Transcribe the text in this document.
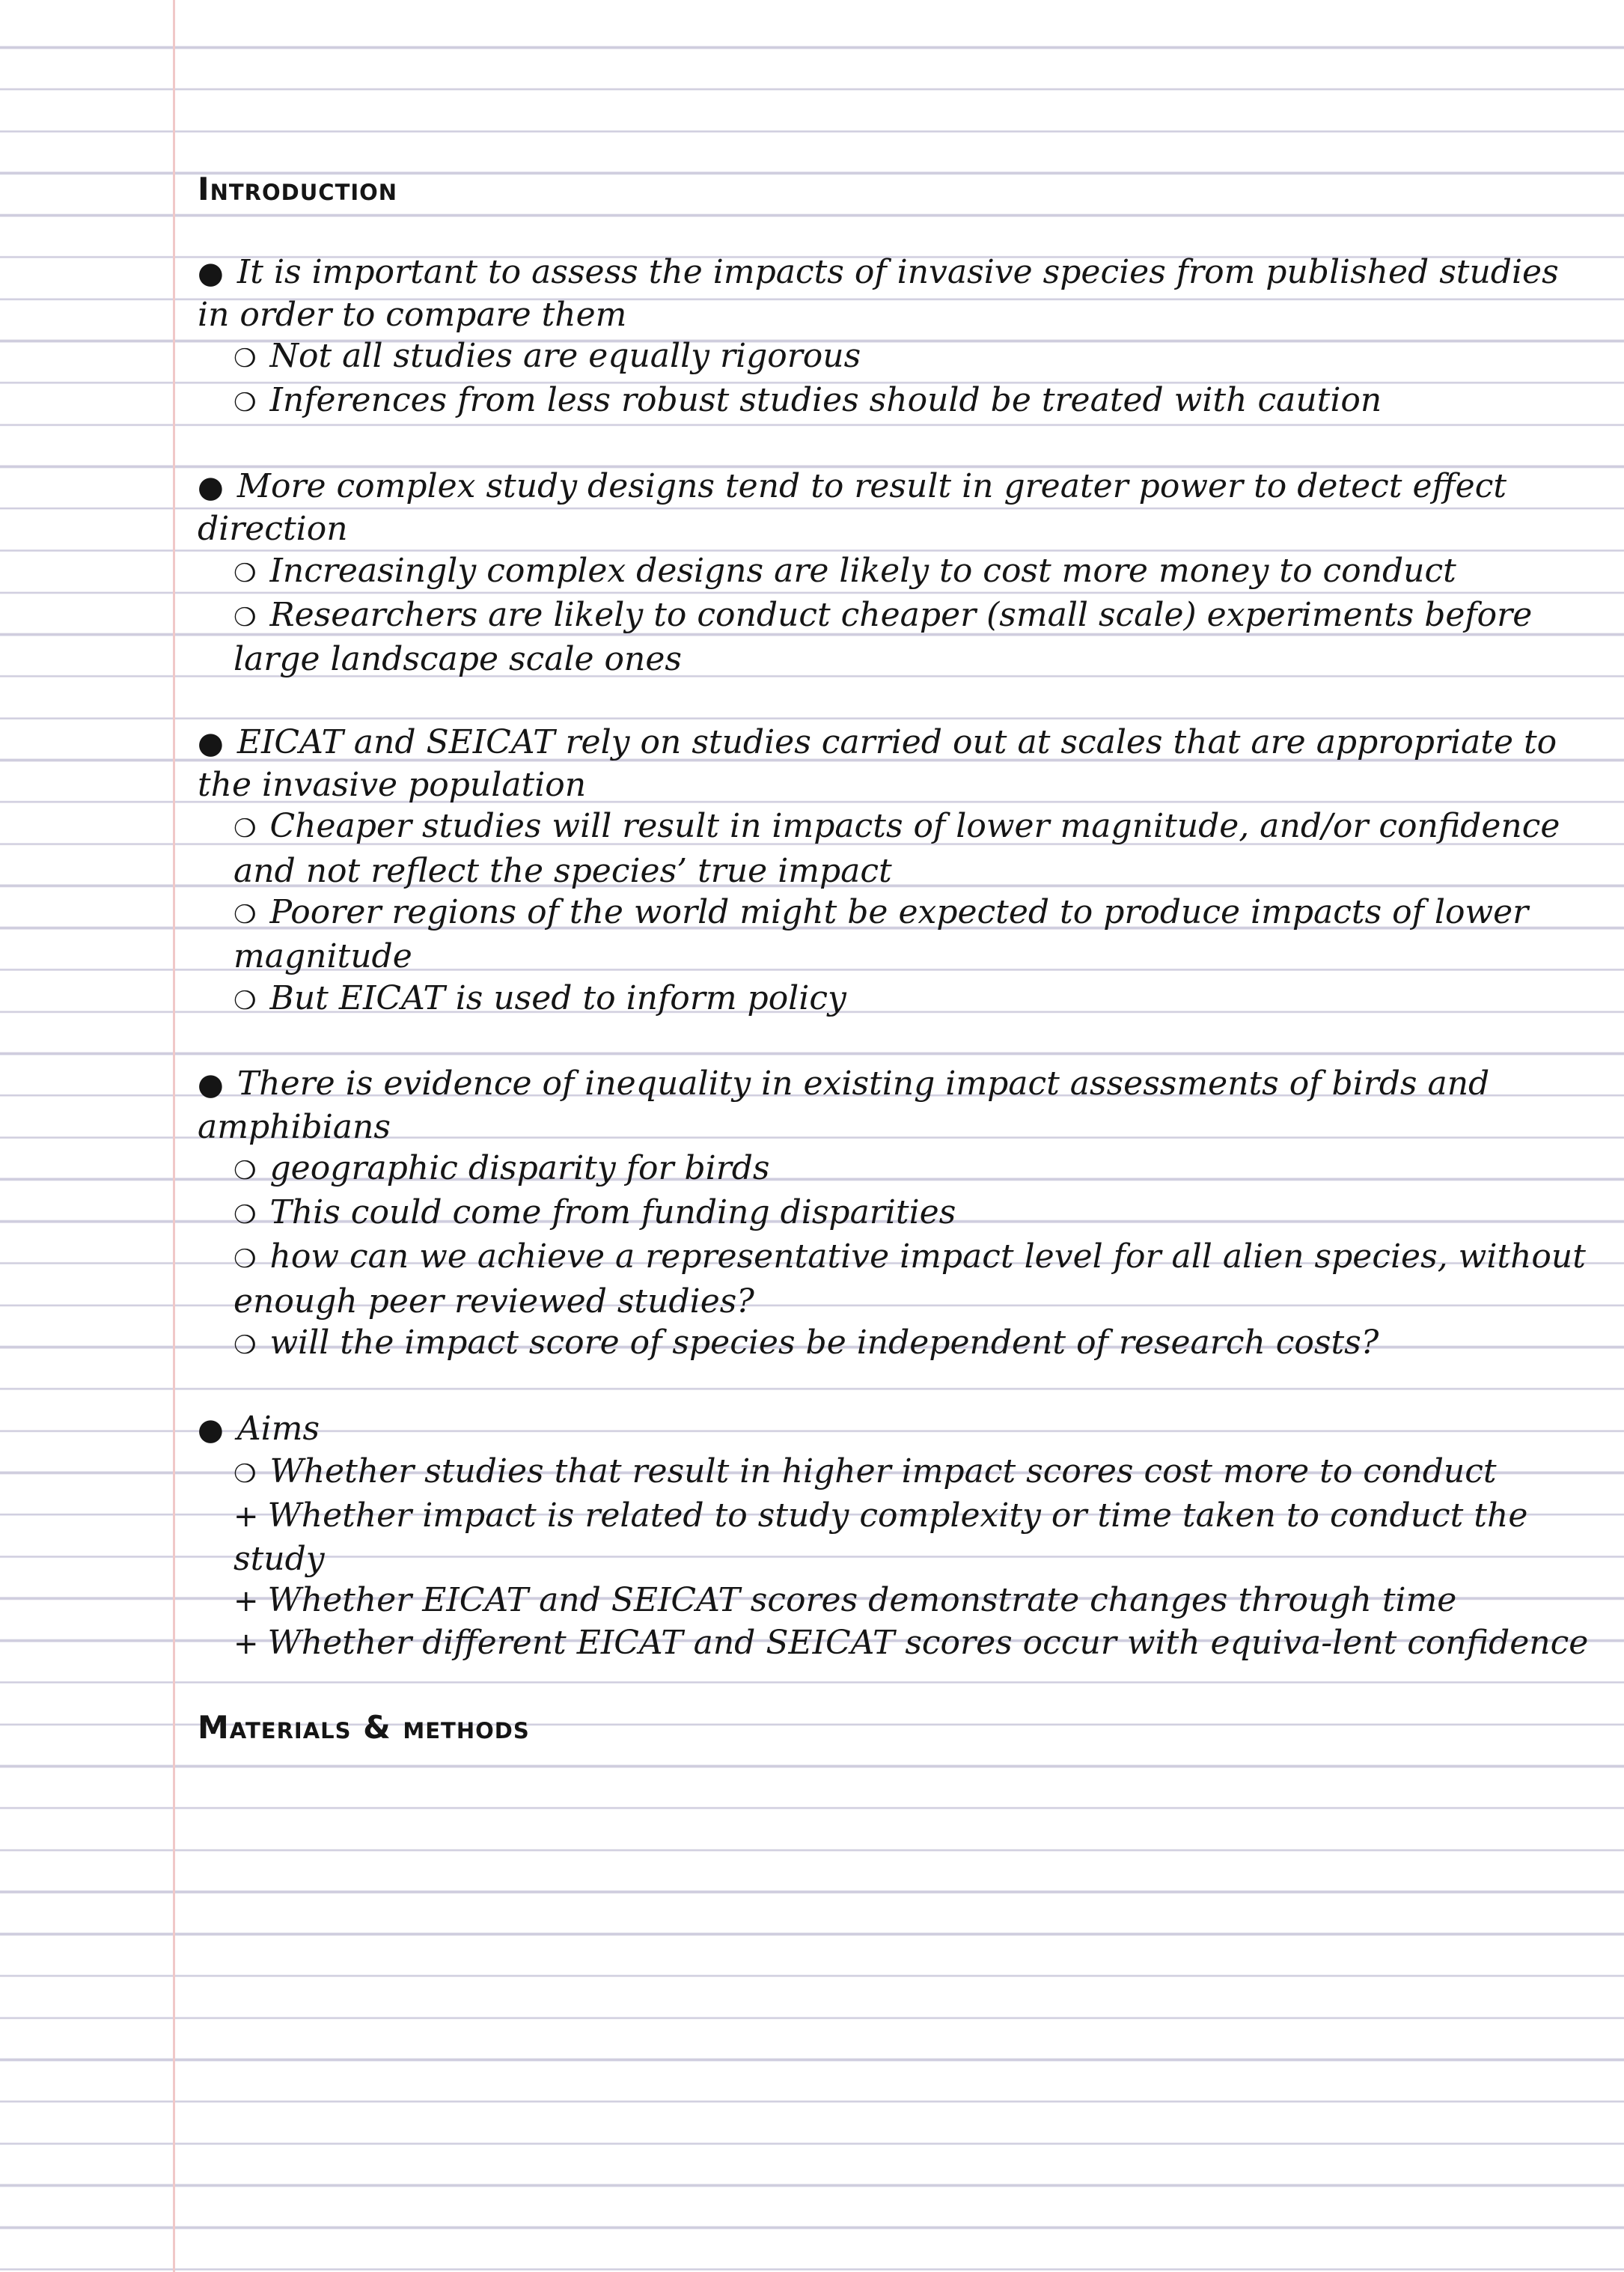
Introduction

● It is important to assess the impacts of invasive species from published studies in order to compare them

❍ Not all studies are equally rigorous

❍ Inferences from less robust studies should be treated with caution

● More complex study designs tend to result in greater power to detect effect direction

❍ Increasingly complex designs are likely to cost more money to conduct

❍ Researchers are likely to conduct cheaper (small scale) experiments before large landscape scale ones

● EICAT and SEICAT rely on studies carried out at scales that are appropriate to the invasive population

❍ Cheaper studies will result in impacts of lower magnitude, and/or confidence and not reflect the species’ true impact

❍ Poorer regions of the world might be expected to produce impacts of lower magnitude

❍ But EICAT is used to inform policy

● There is evidence of inequality in existing impact assessments of birds and amphibians

❍ geographic disparity for birds

❍ This could come from funding disparities

❍ how can we achieve a representative impact level for all alien species, without enough peer reviewed studies?

❍ will the impact score of species be independent of research costs?

● Aims

❍ Whether studies that result in higher impact scores cost more to conduct

+ Whether impact is related to study complexity or time taken to conduct the study

+ Whether EICAT and SEICAT scores demonstrate changes through time

+ Whether different EICAT and SEICAT scores occur with equiva-lent confidence

Materials & methods
